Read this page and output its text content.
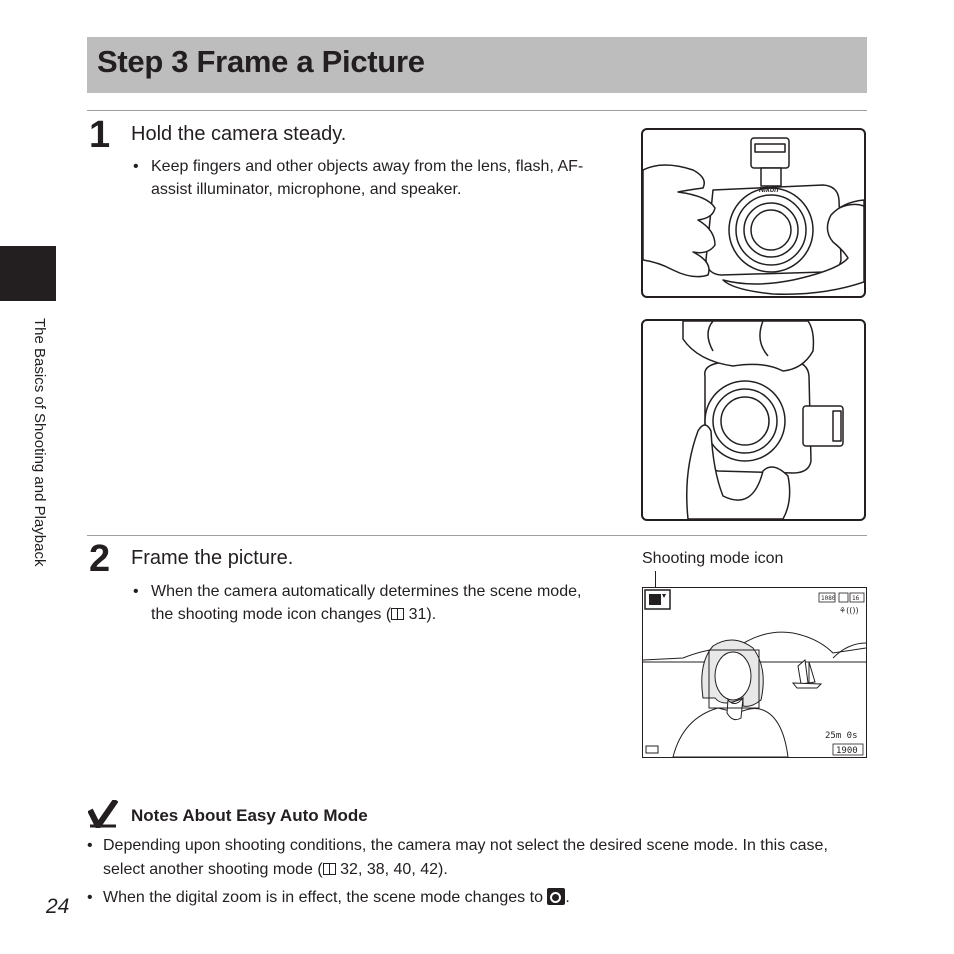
Step 3 Frame a Picture
The Basics of Shooting and Playback
1 Hold the camera steady.
• Keep fingers and other objects away from the lens, flash, AF-assist illuminator, microphone, and speaker.	Nikon
2 Frame the picture.
• When the camera automatically determines the scene mode, the shooting mode icon changes ( 31).
Shooting mode icon
1080	16
⚘(())
25m 0s
1900
Notes About Easy Auto Mode
• Depending upon shooting conditions, the camera may not select the desired scene mode. In this case, select another shooting mode ( 32, 38, 40, 42).
• When the digital zoom is in effect, the scene mode changes to .
24
